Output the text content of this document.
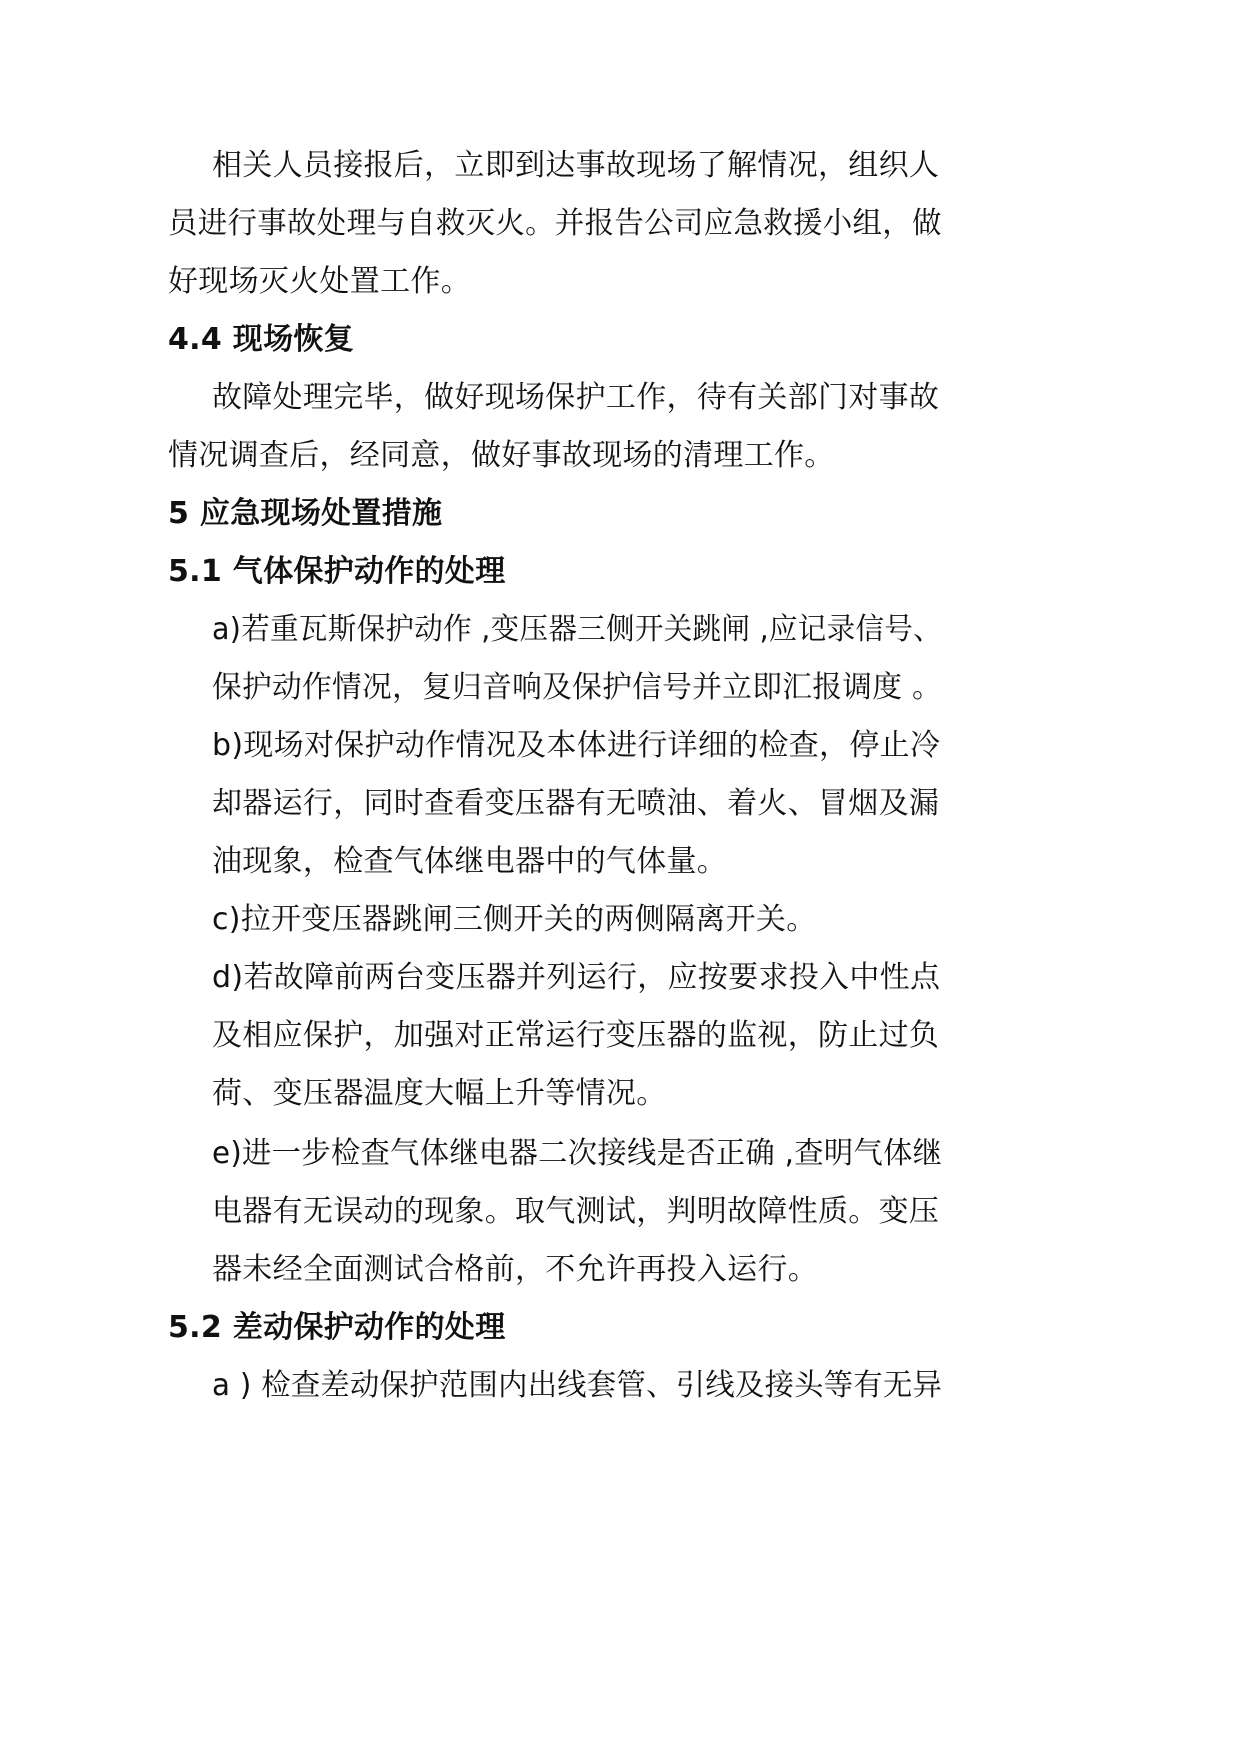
相关人员接报后，立即到达事故现场了解情况，组织人
员进行事故处理与自救灭火。并报告公司应急救援小组，做
好现场灭火处置工作。
4.4 现场恢复
故障处理完毕，做好现场保护工作，待有关部门对事故
情况调查后，经同意，做好事故现场的清理工作。
5 应急现场处置措施
5.1 气体保护动作的处理
a)若重瓦斯保护动作 ,变压器三侧开关跳闸 ,应记录信号、
保护动作情况，复归音响及保护信号并立即汇报调度 。
b)现场对保护动作情况及本体进行详细的检查，停止冷
却器运行，同时查看变压器有无喷油、着火、冒烟及漏
油现象，检查气体继电器中的气体量。
c)拉开变压器跳闸三侧开关的两侧隔离开关。
d)若故障前两台变压器并列运行，应按要求投入中性点
及相应保护，加强对正常运行变压器的监视，防止过负
荷、变压器温度大幅上升等情况。
e)进一步检查气体继电器二次接线是否正确 ,查明气体继
电器有无误动的现象。取气测试，判明故障性质。变压
器未经全面测试合格前，不允许再投入运行。
5.2 差动保护动作的处理
a ) 检查差动保护范围内出线套管、引线及接头等有无异
